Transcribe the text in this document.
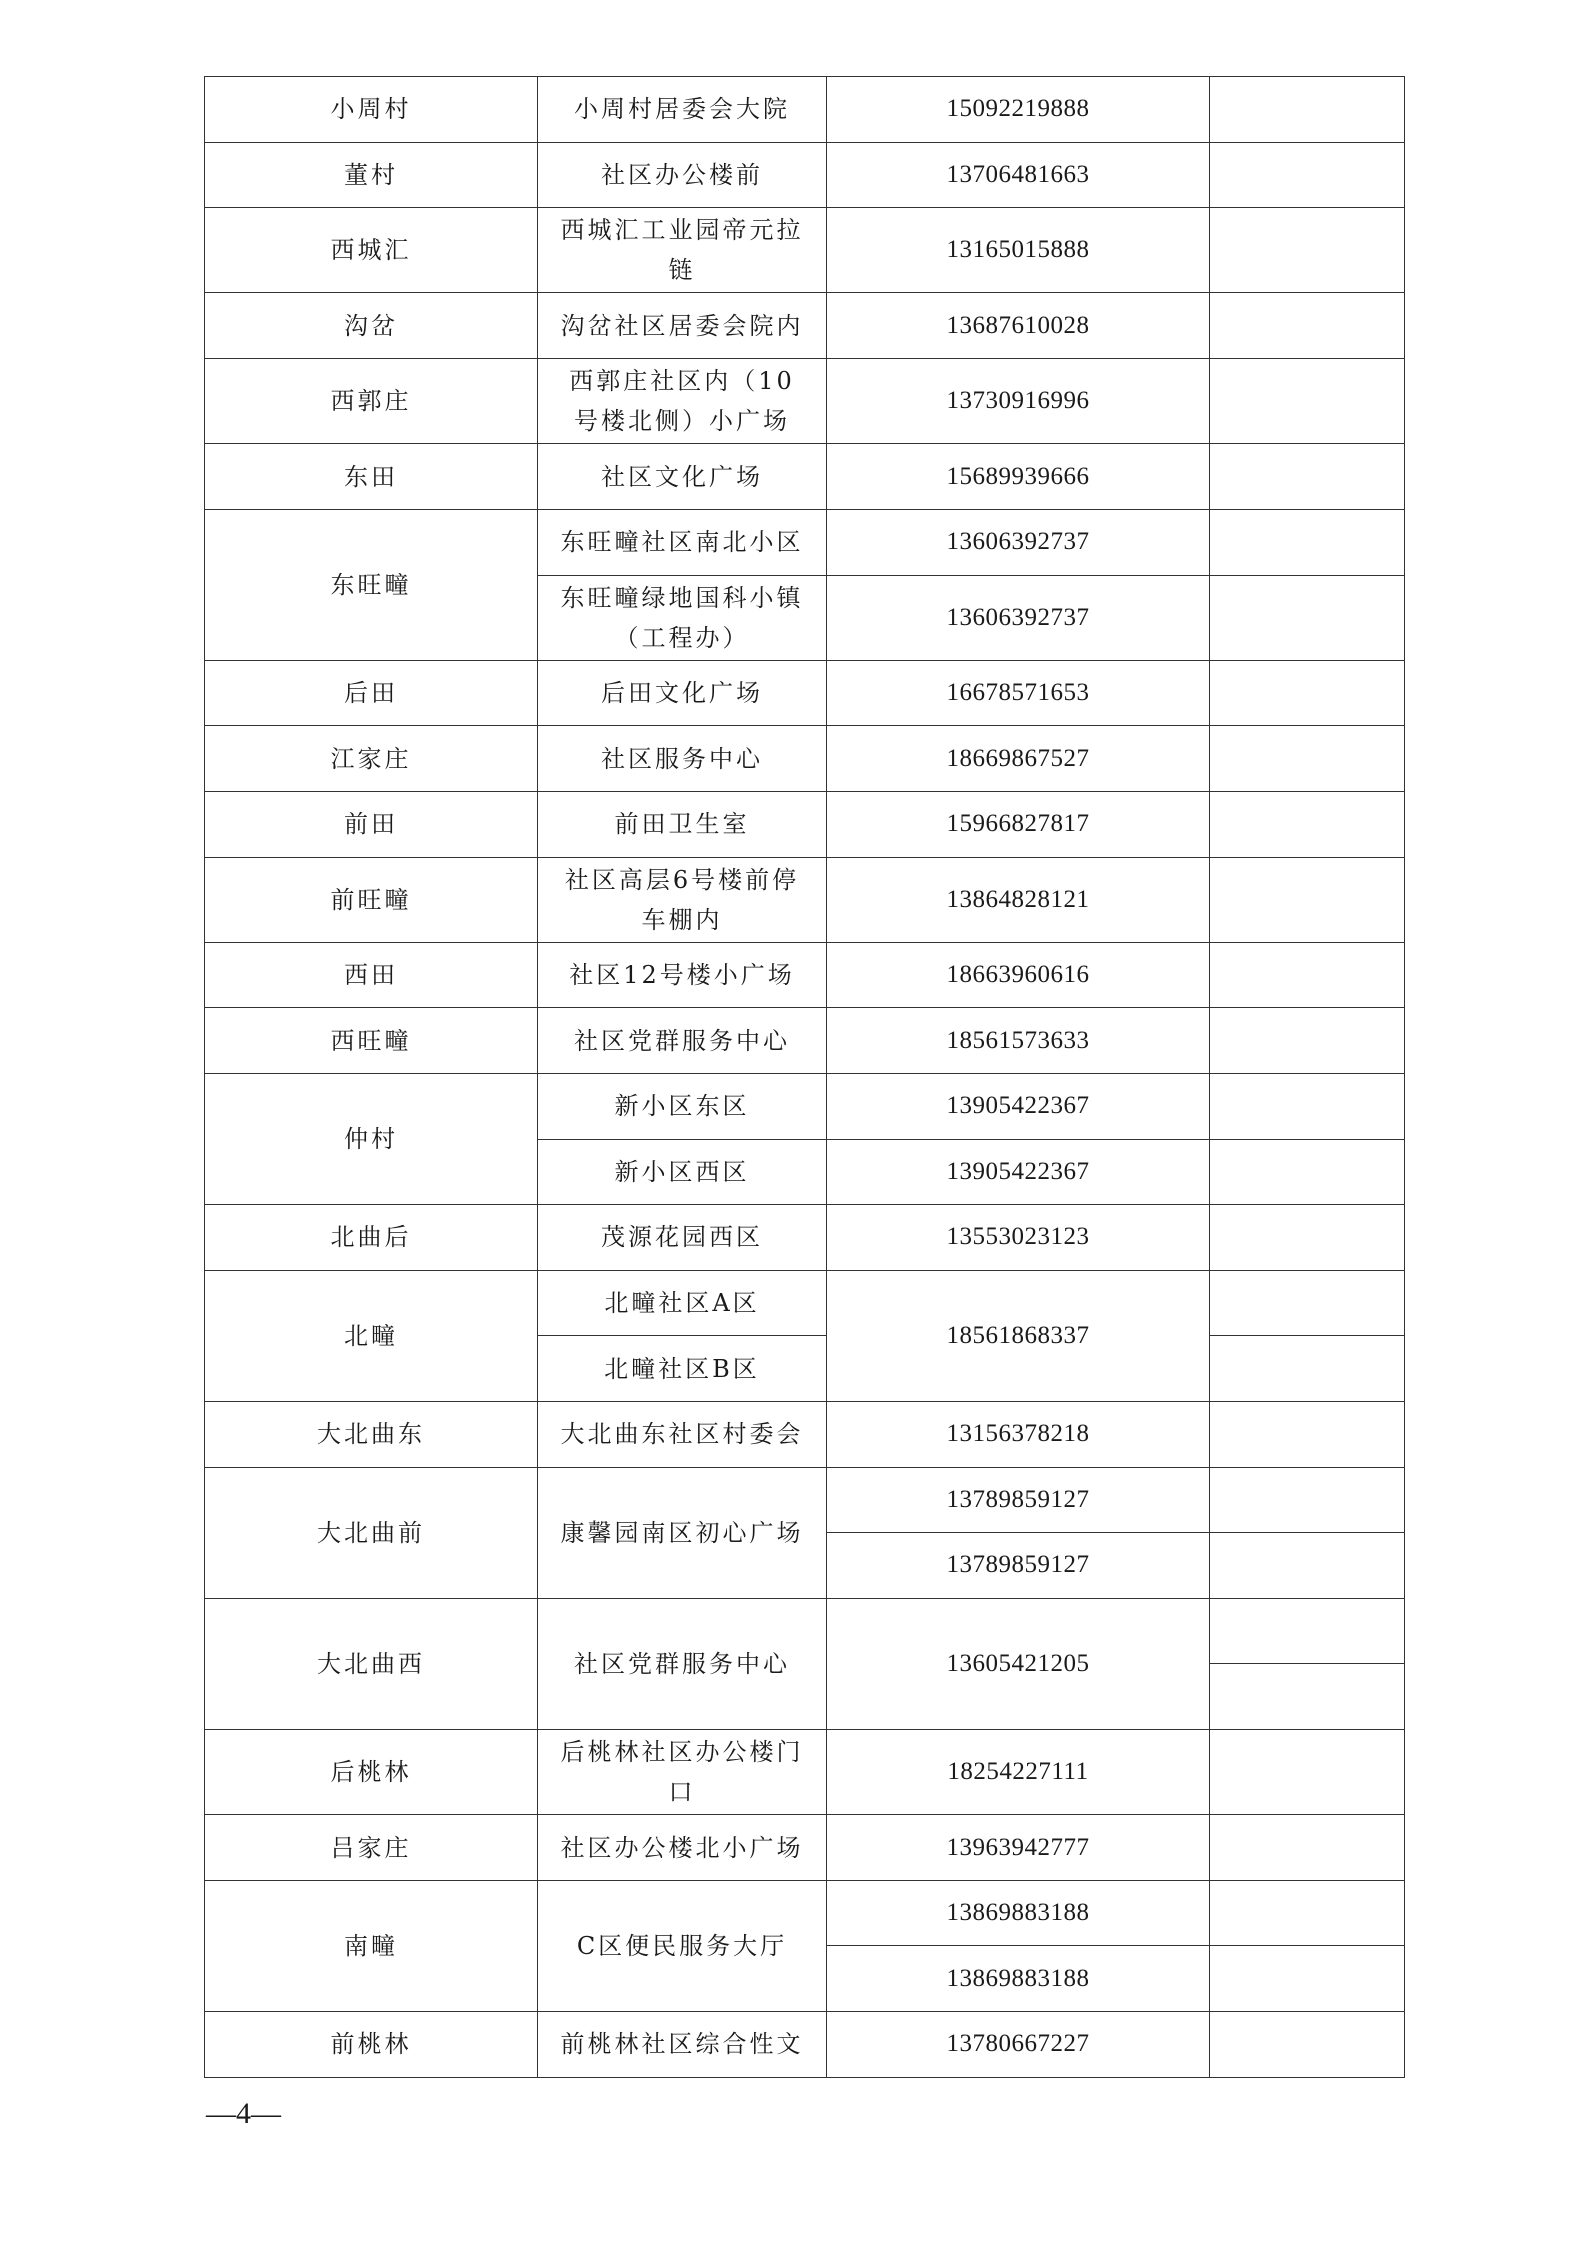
小周村	小周村居委会大院	15092219888	
董村	社区办公楼前	13706481663	
西城汇	西城汇工业园帝元拉链	13165015888	
沟岔	沟岔社区居委会院内	13687610028	
西郭庄	西郭庄社区内（10号楼北侧）小广场	13730916996	
东田	社区文化广场	15689939666	
东旺疃	东旺疃社区南北小区	13606392737	
	东旺疃绿地国科小镇（工程办）	13606392737	
后田	后田文化广场	16678571653	
江家庄	社区服务中心	18669867527	
前田	前田卫生室	15966827817	
前旺疃	社区高层6号楼前停车棚内	13864828121	
西田	社区12号楼小广场	18663960616	
西旺疃	社区党群服务中心	18561573633	
仲村	新小区东区	13905422367	
	新小区西区	13905422367	
北曲后	茂源花园西区	13553023123	
北疃	北疃社区A区	18561868337	
	北疃社区B区		
大北曲东	大北曲东社区村委会	13156378218	
大北曲前	康馨园南区初心广场	13789859127	
		13789859127	
大北曲西	社区党群服务中心	13605421205	

后桃林	后桃林社区办公楼门口	18254227111	
吕家庄	社区办公楼北小广场	13963942777	
南疃	C区便民服务大厅	13869883188	
		13869883188	
前桃林	前桃林社区综合性文	13780667227	
—4—
